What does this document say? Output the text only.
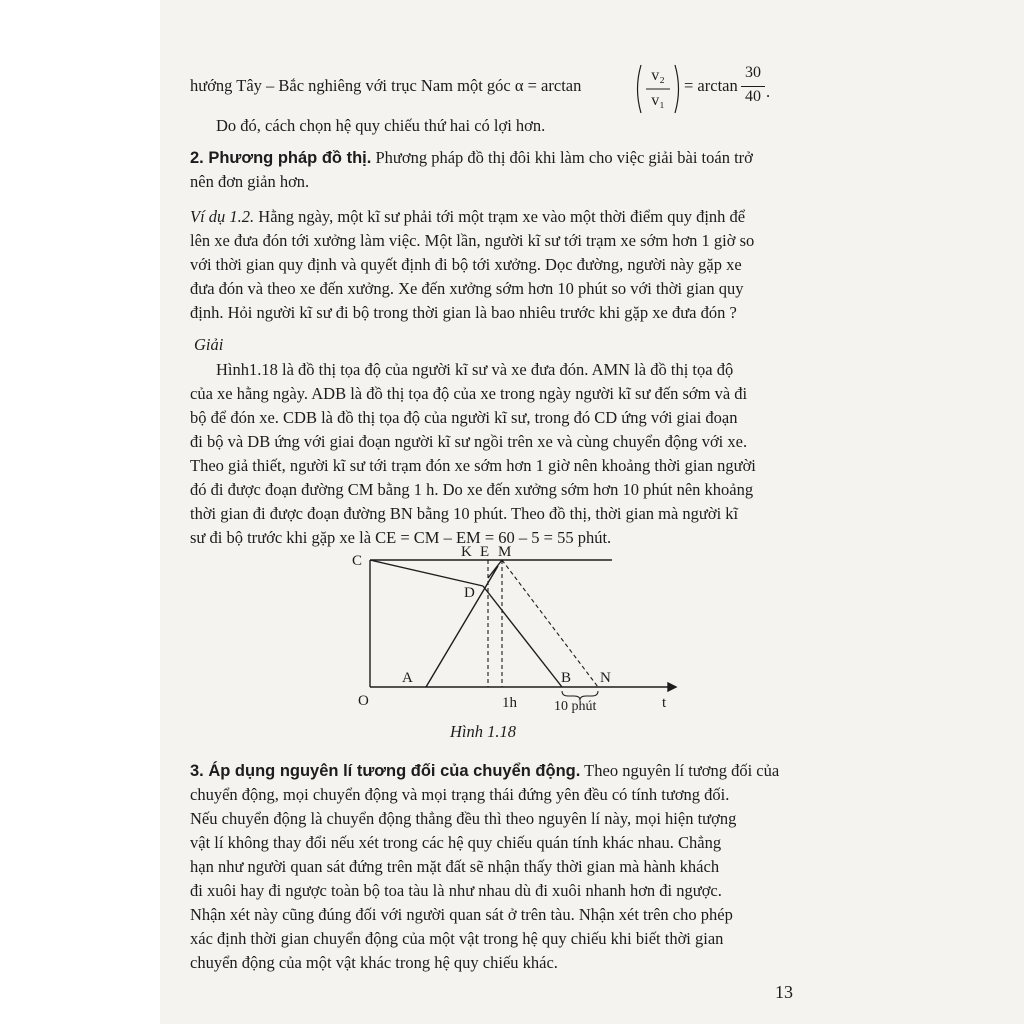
hướng Tây – Bắc nghiêng với trục Nam một góc α = arctan
v₂
v₁
= arctan
30
40 .
Do đó, cách chọn hệ quy chiếu thứ hai có lợi hơn.
2. Phương pháp đồ thị. Phương pháp đồ thị đôi khi làm cho việc giải bài toán trở
nên đơn giản hơn.
Ví dụ 1.2. Hằng ngày, một kĩ sư phải tới một trạm xe vào một thời điểm quy định để
lên xe đưa đón tới xưởng làm việc. Một lần, người kĩ sư tới trạm xe sớm hơn 1 giờ so
với thời gian quy định và quyết định đi bộ tới xưởng. Dọc đường, người này gặp xe
đưa đón và theo xe đến xưởng. Xe đến xưởng sớm hơn 10 phút so với thời gian quy
định. Hỏi người kĩ sư đi bộ trong thời gian là bao nhiêu trước khi gặp xe đưa đón ?
Giải
Hình1.18 là đồ thị tọa độ của người kĩ sư và xe đưa đón. AMN là đồ thị tọa độ
của xe hằng ngày. ADB là đồ thị tọa độ của xe trong ngày người kĩ sư đến sớm và đi
bộ để đón xe. CDB là đồ thị tọa độ của người kĩ sư, trong đó CD ứng với giai đoạn
đi bộ và DB ứng với giai đoạn người kĩ sư ngồi trên xe và cùng chuyển động với xe.
Theo giả thiết, người kĩ sư tới trạm đón xe sớm hơn 1 giờ nên khoảng thời gian người
đó đi được đoạn đường CM bằng 1 h. Do xe đến xưởng sớm hơn 10 phút nên khoảng
thời gian đi được đoạn đường BN bằng 10 phút. Theo đồ thị, thời gian mà người kĩ
sư đi bộ trước khi gặp xe là CE = CM – EM = 60 – 5 = 55 phút.
C
K E M
D
A	B N
O	t
1h	10 phút
Hình 1.18
3. Áp dụng nguyên lí tương đối của chuyển động. Theo nguyên lí tương đối của
chuyển động, mọi chuyển động và mọi trạng thái đứng yên đều có tính tương đối.
Nếu chuyển động là chuyển động thẳng đều thì theo nguyên lí này, mọi hiện tượng
vật lí không thay đổi nếu xét trong các hệ quy chiếu quán tính khác nhau. Chẳng
hạn như người quan sát đứng trên mặt đất sẽ nhận thấy thời gian mà hành khách
đi xuôi hay đi ngược toàn bộ toa tàu là như nhau dù đi xuôi nhanh hơn đi ngược.
Nhận xét này cũng đúng đối với người quan sát ở trên tàu. Nhận xét trên cho phép
xác định thời gian chuyển động của một vật trong hệ quy chiếu khi biết thời gian
chuyển động của một vật khác trong hệ quy chiếu khác.
13
